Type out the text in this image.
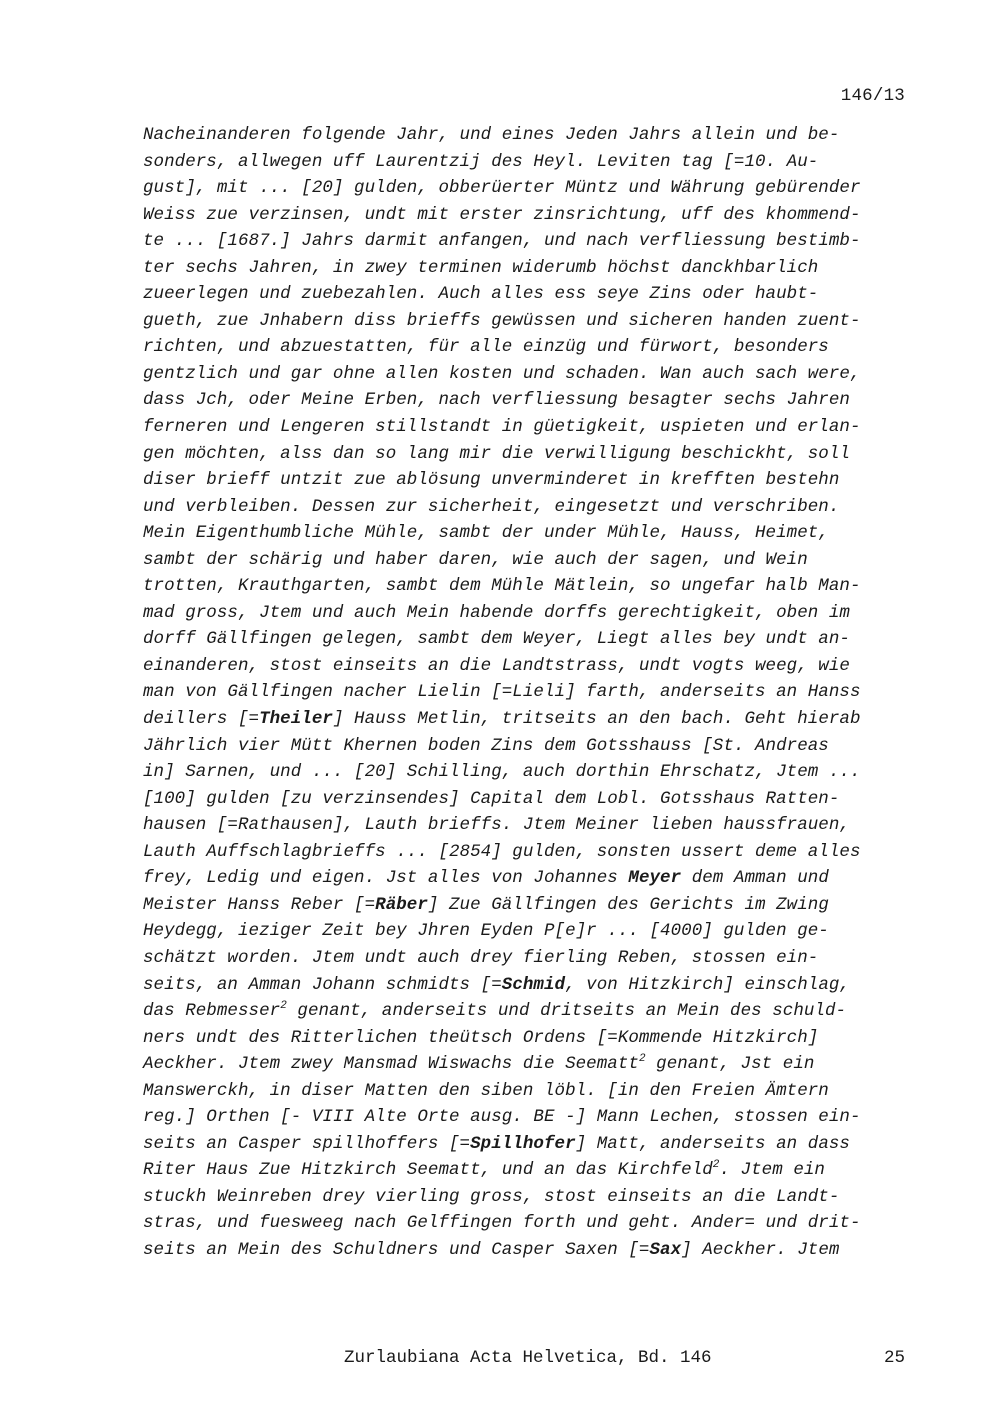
146/13
Nacheinanderen folgende Jahr, und eines Jeden Jahrs allein und be-
sonders, allwegen uff Laurentzij des Heyl. Leviten tag [=10. Au-
gust], mit ... [20] gulden, obberüerter Müntz und Währung gebürender
Weiss zue verzinsen, undt mit erster zinsrichtung, uff des khommend-
te ... [1687.] Jahrs darmit anfangen, und nach verfliessung bestimb-
ter sechs Jahren, in zwey terminen widerumb höchst danckhbarlich
zueerlegen und zuebezahlen. Auch alles ess seye Zins oder haubt-
gueth, zue Jnhabern diss brieffs gewüssen und sicheren handen zuent-
richten, und abzuestatten, für alle einzüg und fürwort, besonders
gentzlich und gar ohne allen kosten und schaden. Wan auch sach were,
dass Jch, oder Meine Erben, nach verfliessung besagter sechs Jahren
ferneren und Lengeren stillstandt in güetigkeit, uspieten und erlan-
gen möchten, alss dan so lang mir die verwilligung beschickht, soll
diser brieff untzit zue ablösung unverminderet in krefften bestehn
und verbleiben. Dessen zur sicherheit, eingesetzt und verschriben.
Mein Eigenthumbliche Mühle, sambt der under Mühle, Hauss, Heimet,
sambt der schärig und haber daren, wie auch der sagen, und Wein
trotten, Krauthgarten, sambt dem Mühle Mätlein, so ungefar halb Man-
mad gross, Jtem und auch Mein habende dorffs gerechtigkeit, oben im
dorff Gällfingen gelegen, sambt dem Weyer, Liegt alles bey undt an-
einanderen, stost einseits an die Landtstrass, undt vogts weeg, wie
man von Gällfingen nacher Lielin [=Lieli] farth, anderseits an Hanss
deillers [=Theiler] Hauss Metlin, tritseits an den bach. Geht hierab
Jährlich vier Mütt Khernen boden Zins dem Gotsshauss [St. Andreas
in] Sarnen, und ... [20] Schilling, auch dorthin Ehrschatz, Jtem ...
[100] gulden [zu verzinsendes] Capital dem Lobl. Gotsshaus Ratten-
hausen [=Rathausen], Lauth brieffs. Jtem Meiner lieben haussfrauen,
Lauth Auffschlagbrieffs ... [2854] gulden, sonsten ussert deme alles
frey, Ledig und eigen. Jst alles von Johannes Meyer dem Amman und
Meister Hanss Reber [=Räber] Zue Gällfingen des Gerichts im Zwing
Heydegg, ieziger Zeit bey Jhren Eyden P[e]r ... [4000] gulden ge-
schätzt worden. Jtem undt auch drey fierling Reben, stossen ein-
seits, an Amman Johann schmidts [=Schmid, von Hitzkirch] einschlag,
das Rebmesser$^2$ genant, anderseits und dritseits an Mein des schuld-
ners undt des Ritterlichen theütsch Ordens [=Kommende Hitzkirch]
Aeckher. Jtem zwey Mansmad Wiswachs die Seematt$^2$ genant, Jst ein
Manswerckh, in diser Matten den siben löbl. [in den Freien Ämtern
reg.] Orthen [- VIII Alte Orte ausg. BE -] Mann Lechen, stossen ein-
seits an Casper spillhoffers [=Spillhofer] Matt, anderseits an dass
Riter Haus Zue Hitzkirch Seematt, und an das Kirchfeld$^2$. Jtem ein
stuckh Weinreben drey vierling gross, stost einseits an die Landt-
stras, und fuesweeg nach Gelffingen forth und geht. Ander= und drit-
seits an Mein des Schuldners und Casper Saxen [=Sax] Aeckher. Jtem
Zurlaubiana Acta Helvetica, Bd. 146	25
